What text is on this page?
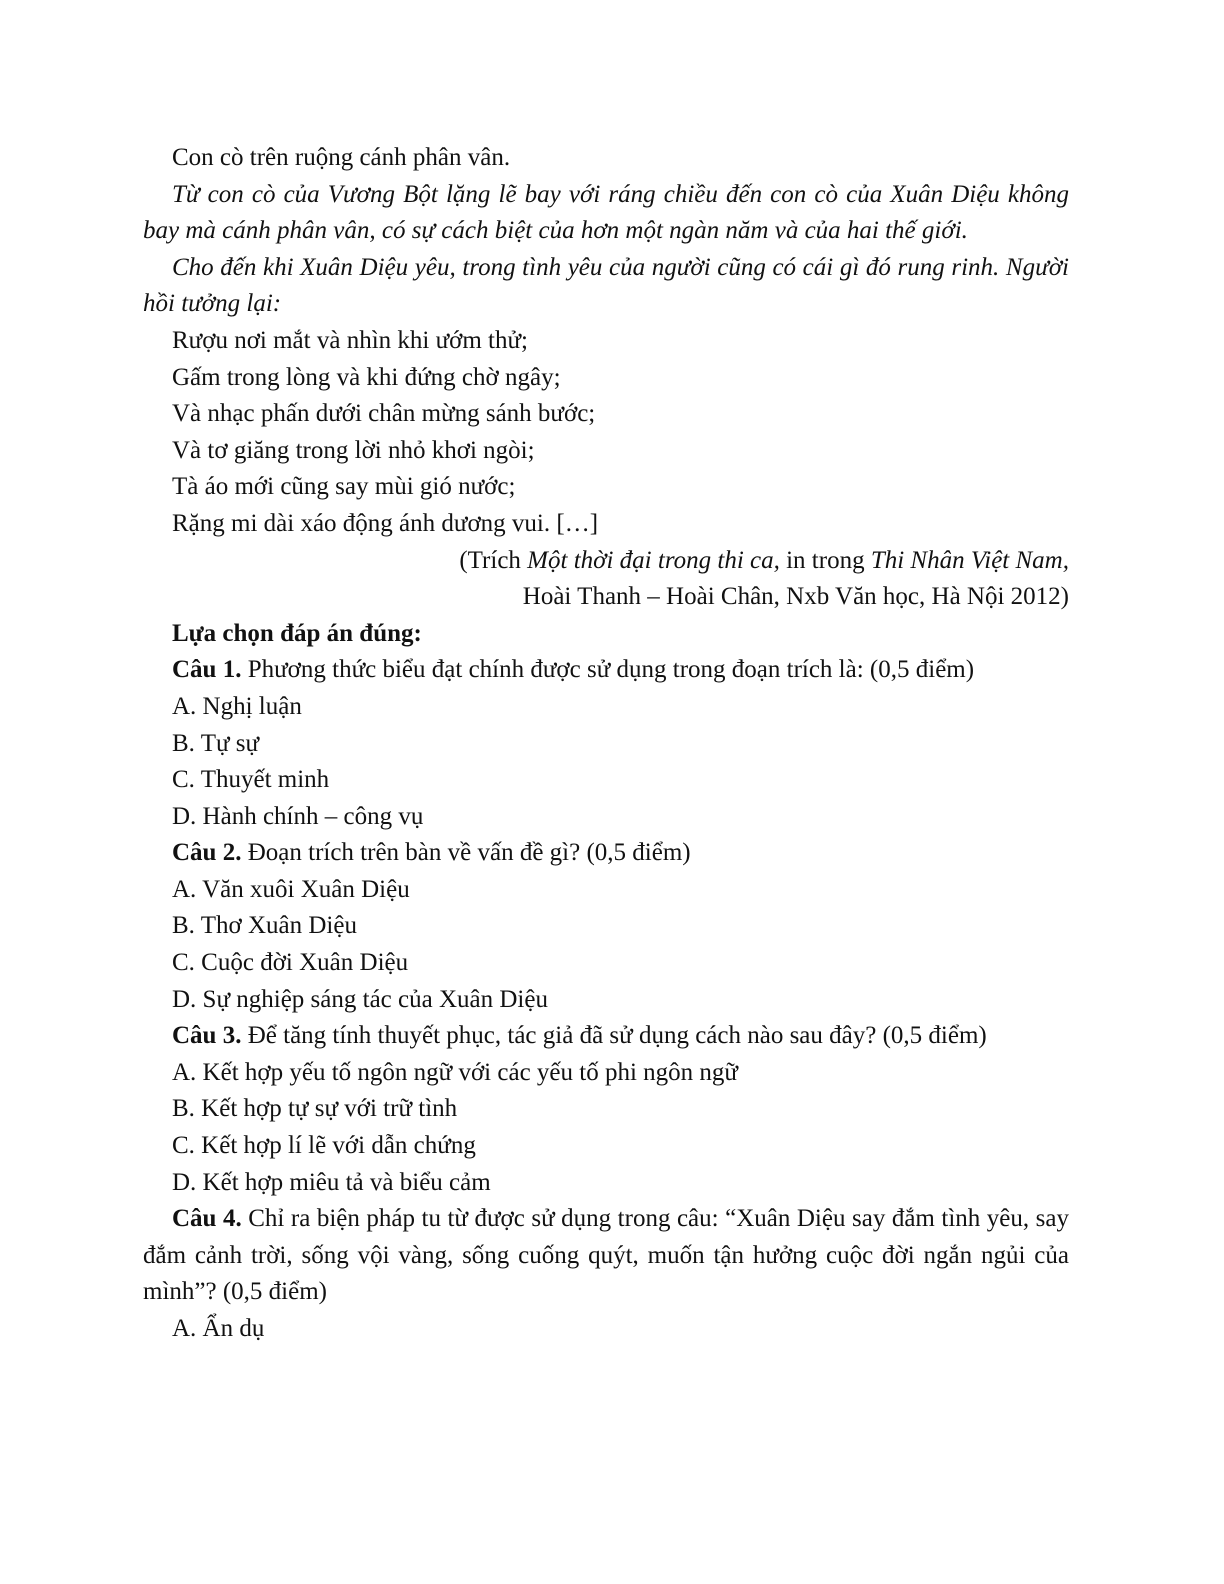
Con cò trên ruộng cánh phân vân.

Từ con cò của Vương Bột lặng lẽ bay với ráng chiều đến con cò của Xuân Diệu không bay mà cánh phân vân, có sự cách biệt của hơn một ngàn năm và của hai thế giới.

Cho đến khi Xuân Diệu yêu, trong tình yêu của người cũng có cái gì đó rung rinh. Người hồi tưởng lại:

Rượu nơi mắt và nhìn khi ướm thử;

Gấm trong lòng và khi đứng chờ ngây;

Và nhạc phấn dưới chân mừng sánh bước;

Và tơ giăng trong lời nhỏ khơi ngòi;

Tà áo mới cũng say mùi gió nước;

Rặng mi dài xáo động ánh dương vui. […]

(Trích Một thời đại trong thi ca, in trong Thi Nhân Việt Nam,

Hoài Thanh – Hoài Chân, Nxb Văn học, Hà Nội 2012)

Lựa chọn đáp án đúng:

Câu 1. Phương thức biểu đạt chính được sử dụng trong đoạn trích là: (0,5 điểm)

A. Nghị luận

B. Tự sự

C. Thuyết minh

D. Hành chính – công vụ

Câu 2. Đoạn trích trên bàn về vấn đề gì? (0,5 điểm)

A. Văn xuôi Xuân Diệu

B. Thơ Xuân Diệu

C. Cuộc đời Xuân Diệu

D. Sự nghiệp sáng tác của Xuân Diệu

Câu 3. Để tăng tính thuyết phục, tác giả đã sử dụng cách nào sau đây? (0,5 điểm)

A. Kết hợp yếu tố ngôn ngữ với các yếu tố phi ngôn ngữ

B. Kết hợp tự sự với trữ tình

C. Kết hợp lí lẽ với dẫn chứng

D. Kết hợp miêu tả và biểu cảm

Câu 4. Chỉ ra biện pháp tu từ được sử dụng trong câu: “Xuân Diệu say đắm tình yêu, say đắm cảnh trời, sống vội vàng, sống cuống quýt, muốn tận hưởng cuộc đời ngắn ngủi của mình”? (0,5 điểm)

A. Ẩn dụ
